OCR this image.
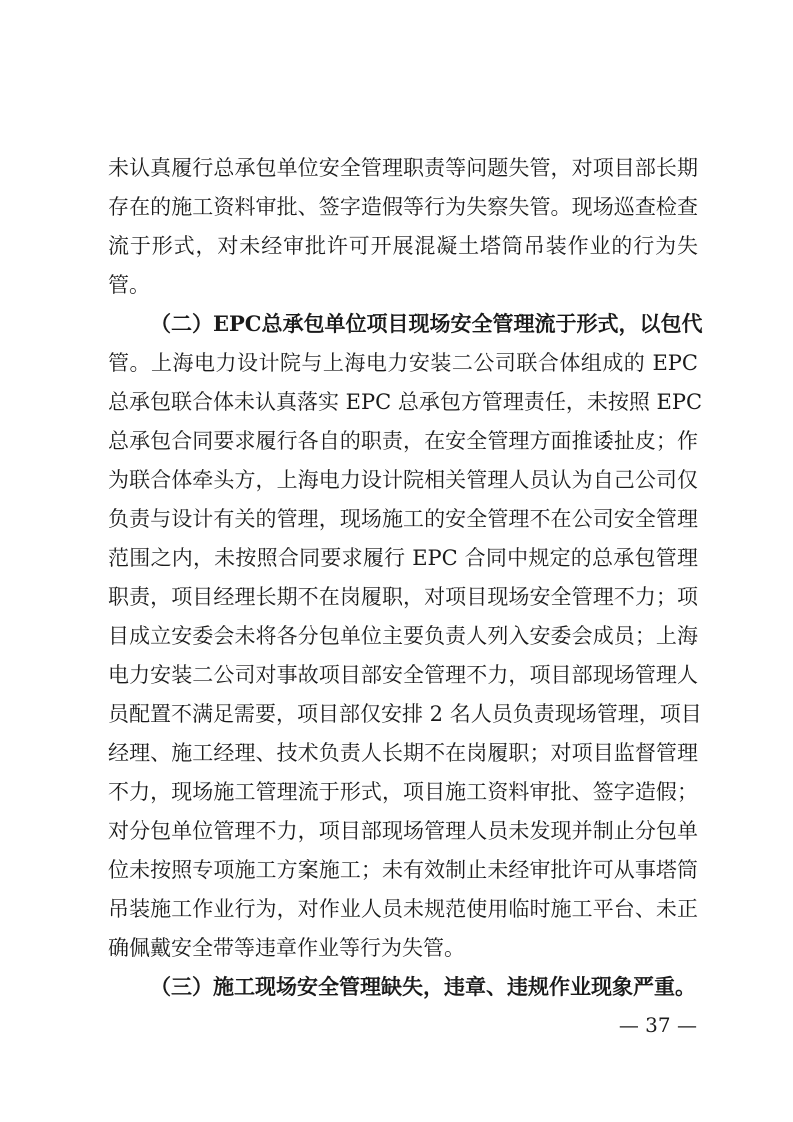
未认真履行总承包单位安全管理职责等问题失管，对项目部长期
存在的施工资料审批、签字造假等行为失察失管。现场巡查检查
流于形式，对未经审批许可开展混凝土塔筒吊装作业的行为失
管。
（二）EPC总承包单位项目现场安全管理流于形式，以包代
管。上海电力设计院与上海电力安装二公司联合体组成的 EPC
总承包联合体未认真落实 EPC 总承包方管理责任，未按照 EPC
总承包合同要求履行各自的职责，在安全管理方面推诿扯皮；作
为联合体牵头方，上海电力设计院相关管理人员认为自己公司仅
负责与设计有关的管理，现场施工的安全管理不在公司安全管理
范围之内，未按照合同要求履行 EPC 合同中规定的总承包管理
职责，项目经理长期不在岗履职，对项目现场安全管理不力；项
目成立安委会未将各分包单位主要负责人列入安委会成员；上海
电力安装二公司对事故项目部安全管理不力，项目部现场管理人
员配置不满足需要，项目部仅安排 2 名人员负责现场管理，项目
经理、施工经理、技术负责人长期不在岗履职；对项目监督管理
不力，现场施工管理流于形式，项目施工资料审批、签字造假；
对分包单位管理不力，项目部现场管理人员未发现并制止分包单
位未按照专项施工方案施工；未有效制止未经审批许可从事塔筒
吊装施工作业行为，对作业人员未规范使用临时施工平台、未正
确佩戴安全带等违章作业等行为失管。
（三）施工现场安全管理缺失，违章、违规作业现象严重。
— 37 —
